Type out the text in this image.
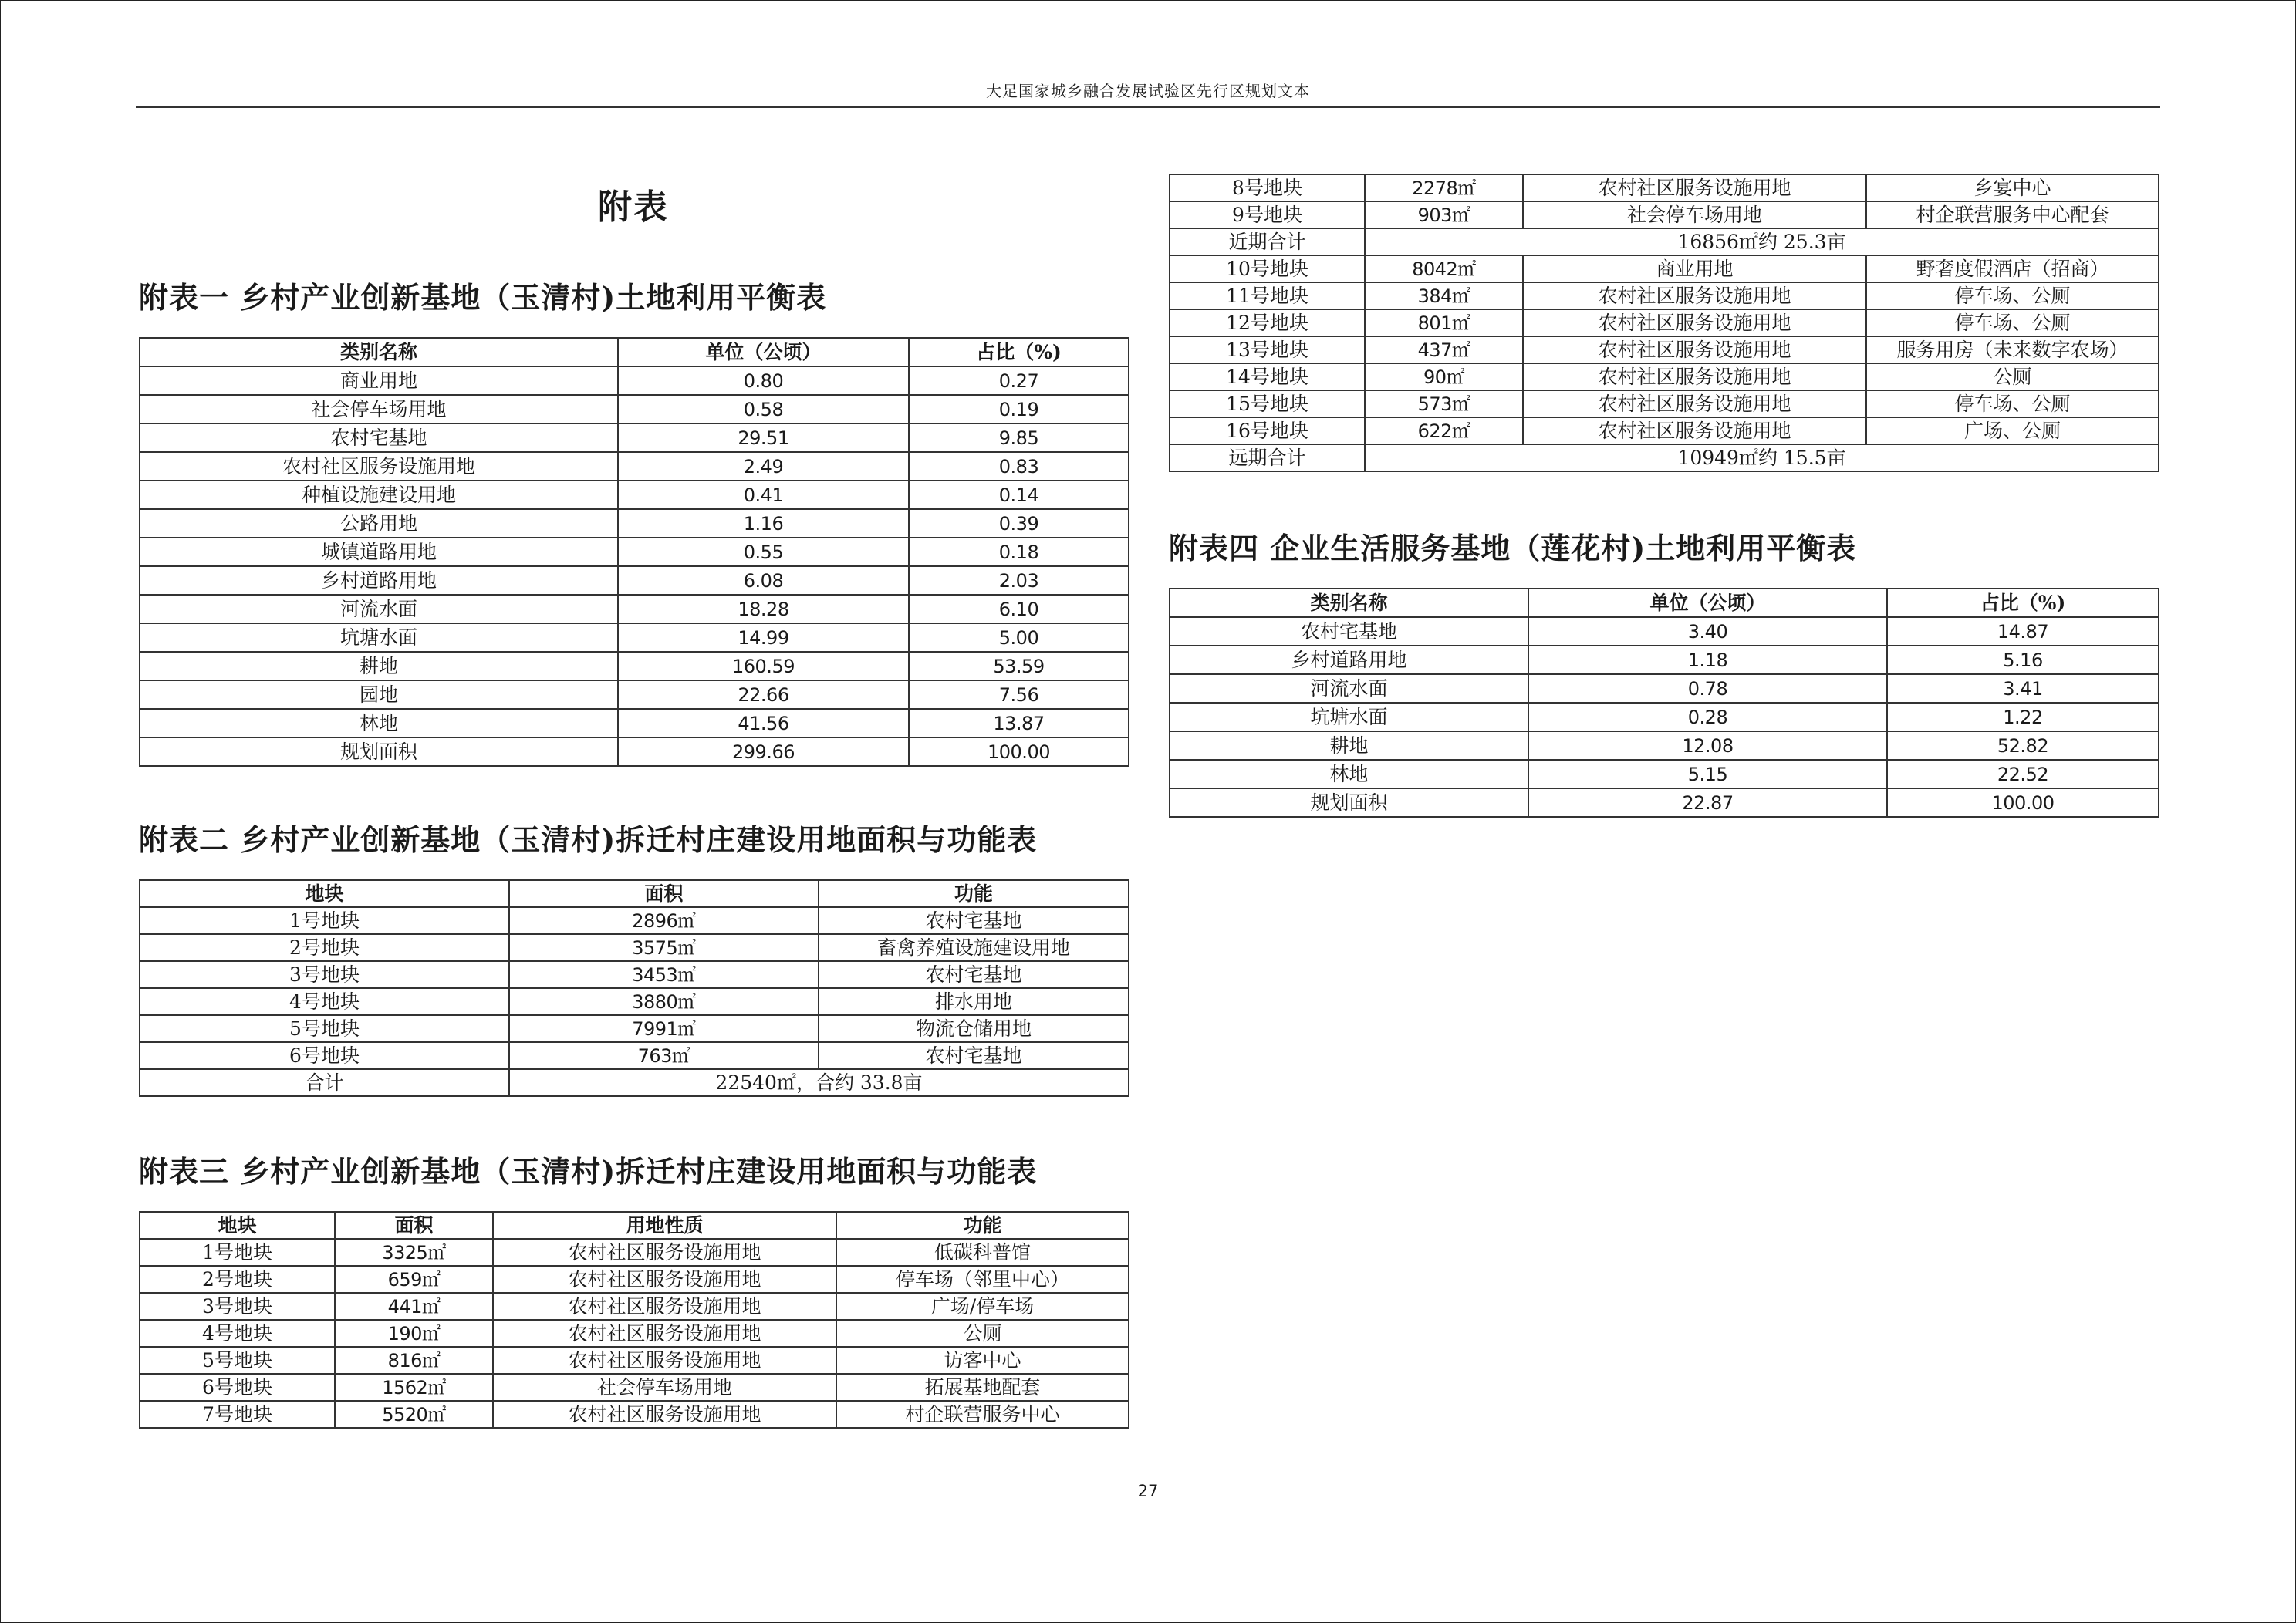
大足国家城乡融合发展试验区先行区规划文本
附表
附表一 乡村产业创新基地（玉清村)土地利用平衡表
类别名称	单位（公顷）	占比（%)
商业用地	0.80	0.27
社会停车场用地	0.58	0.19
农村宅基地	29.51	9.85
农村社区服务设施用地	2.49	0.83
种植设施建设用地	0.41	0.14
公路用地	1.16	0.39
城镇道路用地	0.55	0.18
乡村道路用地	6.08	2.03
河流水面	18.28	6.10
坑塘水面	14.99	5.00
耕地	160.59	53.59
园地	22.66	7.56
林地	41.56	13.87
规划面积	299.66	100.00
附表二 乡村产业创新基地（玉清村)拆迁村庄建设用地面积与功能表
地块	面积	功能
1号地块	2896㎡	农村宅基地
2号地块	3575㎡	畜禽养殖设施建设用地
3号地块	3453㎡	农村宅基地
4号地块	3880㎡	排水用地
5号地块	7991㎡	物流仓储用地
6号地块	763㎡	农村宅基地
合计	22540㎡，合约 33.8亩	
附表三 乡村产业创新基地（玉清村)拆迁村庄建设用地面积与功能表
地块	面积	用地性质	功能
1号地块	3325㎡	农村社区服务设施用地	低碳科普馆
2号地块	659㎡	农村社区服务设施用地	停车场（邻里中心）
3号地块	441㎡	农村社区服务设施用地	广场/停车场
4号地块	190㎡	农村社区服务设施用地	公厕
5号地块	816㎡	农村社区服务设施用地	访客中心
6号地块	1562㎡	社会停车场用地	拓展基地配套
7号地块	5520㎡	农村社区服务设施用地	村企联营服务中心
8号地块	2278㎡	农村社区服务设施用地	乡宴中心
9号地块	903㎡	社会停车场用地	村企联营服务中心配套
近期合计	16856㎡约 25.3亩		
10号地块	8042㎡	商业用地	野奢度假酒店（招商）
11号地块	384㎡	农村社区服务设施用地	停车场、公厕
12号地块	801㎡	农村社区服务设施用地	停车场、公厕
13号地块	437㎡	农村社区服务设施用地	服务用房（未来数字农场）
14号地块	90㎡	农村社区服务设施用地	公厕
15号地块	573㎡	农村社区服务设施用地	停车场、公厕
16号地块	622㎡	农村社区服务设施用地	广场、公厕
远期合计	10949㎡约 15.5亩		
附表四 企业生活服务基地（莲花村)土地利用平衡表
类别名称	单位（公顷）	占比（%)
农村宅基地	3.40	14.87
乡村道路用地	1.18	5.16
河流水面	0.78	3.41
坑塘水面	0.28	1.22
耕地	12.08	52.82
林地	5.15	22.52
规划面积	22.87	100.00
27
